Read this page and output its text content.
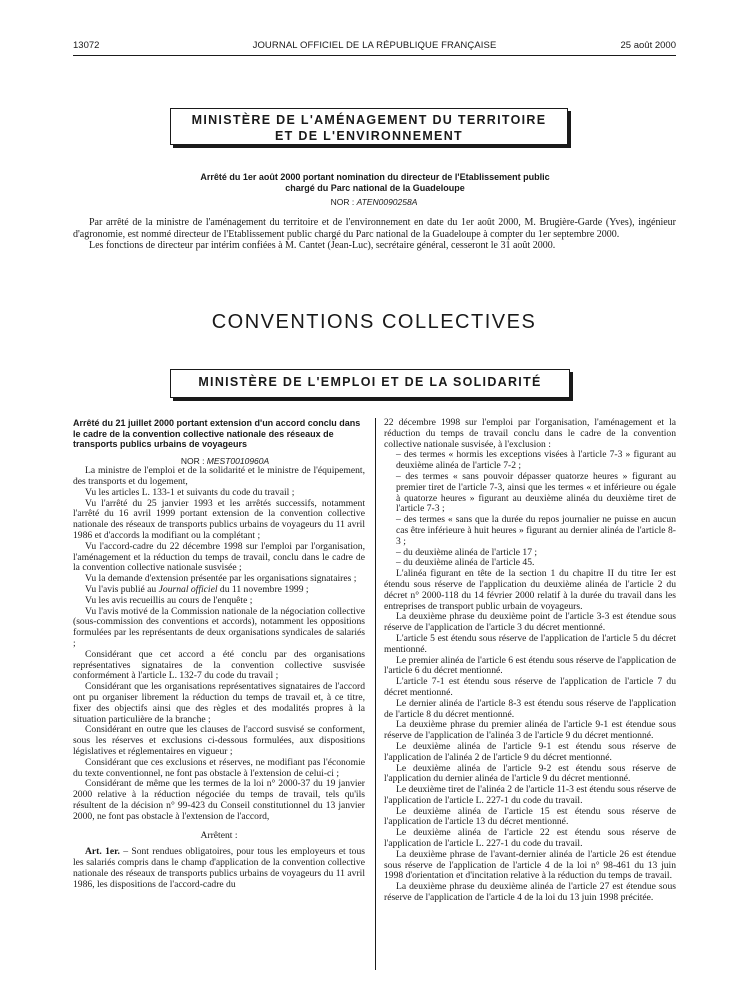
13072	JOURNAL OFFICIEL DE LA RÉPUBLIQUE FRANÇAISE	25 août 2000
MINISTÈRE DE L'AMÉNAGEMENT DU TERRITOIRE
ET DE L'ENVIRONNEMENT
Arrêté du 1er août 2000 portant nomination du directeur de l'Etablissement public
chargé du Parc national de la Guadeloupe
NOR : ATEN0090258A

Par arrêté de la ministre de l'aménagement du territoire et de l'environnement en date du 1er août 2000, M. Brugière-Garde (Yves), ingénieur d'agronomie, est nommé directeur de l'Etablissement public chargé du Parc national de la Guadeloupe à compter du 1er septembre 2000.

Les fonctions de directeur par intérim confiées à M. Cantet (Jean-Luc), secrétaire général, cesseront le 31 août 2000.

CONVENTIONS COLLECTIVES
MINISTÈRE DE L'EMPLOI ET DE LA SOLIDARITÉ

Arrêté du 21 juillet 2000 portant extension d'un accord conclu dans le cadre de la convention collective nationale des réseaux de transports publics urbains de voyageurs

NOR : MESТ0010960A

La ministre de l'emploi et de la solidarité et le ministre de l'équipement, des transports et du logement,

Vu les articles L. 133-1 et suivants du code du travail ;

Vu l'arrêté du 25 janvier 1993 et les arrêtés successifs, notamment l'arrêté du 16 avril 1999 portant extension de la convention collective nationale des réseaux de transports publics urbains de voyageurs du 11 avril 1986 et d'accords la modifiant ou la complétant ;

Vu l'accord-cadre du 22 décembre 1998 sur l'emploi par l'organisation, l'aménagement et la réduction du temps de travail, conclu dans le cadre de la convention collective nationale susvisée ;

Vu la demande d'extension présentée par les organisations signataires ;

Vu l'avis publié au Journal officiel du 11 novembre 1999 ;

Vu les avis recueillis au cours de l'enquête ;

Vu l'avis motivé de la Commission nationale de la négociation collective (sous-commission des conventions et accords), notamment les oppositions formulées par les représentants de deux organisations syndicales de salariés ;

Considérant que cet accord a été conclu par des organisations représentatives signataires de la convention collective susvisée conformément à l'article L. 132-7 du code du travail ;

Considérant que les organisations représentatives signataires de l'accord ont pu organiser librement la réduction du temps de travail et, à ce titre, fixer des objectifs ainsi que des règles et des modalités propres à la situation particulière de la branche ;

Considérant en outre que les clauses de l'accord susvisé se conforment, sous les réserves et exclusions ci-dessous formulées, aux dispositions législatives et réglementaires en vigueur ;

Considérant que ces exclusions et réserves, ne modifiant pas l'économie du texte conventionnel, ne font pas obstacle à l'extension de celui-ci ;

Considérant de même que les termes de la loi n° 2000-37 du 19 janvier 2000 relative à la réduction négociée du temps de travail, tels qu'ils résultent de la décision n° 99-423 du Conseil constitutionnel du 13 janvier 2000, ne font pas obstacle à l'extension de l'accord,

Arrêtent :

Art. 1er. – Sont rendues obligatoires, pour tous les employeurs et tous les salariés compris dans le champ d'application de la convention collective nationale des réseaux de transports publics urbains de voyageurs du 11 avril 1986, les dispositions de l'accord-cadre du

22 décembre 1998 sur l'emploi par l'organisation, l'aménagement et la réduction du temps de travail conclu dans le cadre de la convention collective nationale susvisée, à l'exclusion :

– des termes « hormis les exceptions visées à l'article 7-3 » figurant au deuxième alinéa de l'article 7-2 ;

– des termes « sans pouvoir dépasser quatorze heures » figurant au premier tiret de l'article 7-3, ainsi que les termes « et inférieure ou égale à quatorze heures » figurant au deuxième alinéa du deuxième tiret de l'article 7-3 ;

– des termes « sans que la durée du repos journalier ne puisse en aucun cas être inférieure à huit heures » figurant au dernier alinéa de l'article 8-3 ;

– du deuxième alinéa de l'article 17 ;

– du deuxième alinéa de l'article 45.

L'alinéa figurant en tête de la section 1 du chapitre II du titre Ier est étendu sous réserve de l'application du deuxième alinéa de l'article 2 du décret n° 2000-118 du 14 février 2000 relatif à la durée du travail dans les entreprises de transport public urbain de voyageurs.

La deuxième phrase du deuxième point de l'article 3-3 est étendue sous réserve de l'application de l'article 3 du décret mentionné.

L'article 5 est étendu sous réserve de l'application de l'article 5 du décret mentionné.

Le premier alinéa de l'article 6 est étendu sous réserve de l'application de l'article 6 du décret mentionné.

L'article 7-1 est étendu sous réserve de l'application de l'article 7 du décret mentionné.

Le dernier alinéa de l'article 8-3 est étendu sous réserve de l'application de l'article 8 du décret mentionné.

La deuxième phrase du premier alinéa de l'article 9-1 est étendue sous réserve de l'application de l'alinéa 3 de l'article 9 du décret mentionné.

Le deuxième alinéa de l'article 9-1 est étendu sous réserve de l'application de l'alinéa 2 de l'article 9 du décret mentionné.

Le deuxième alinéa de l'article 9-2 est étendu sous réserve de l'application du dernier alinéa de l'article 9 du décret mentionné.

Le deuxième tiret de l'alinéa 2 de l'article 11-3 est étendu sous réserve de l'application de l'article L. 227-1 du code du travail.

Le deuxième alinéa de l'article 15 est étendu sous réserve de l'application de l'article 13 du décret mentionné.

Le deuxième alinéa de l'article 22 est étendu sous réserve de l'application de l'article L. 227-1 du code du travail.

La deuxième phrase de l'avant-dernier alinéa de l'article 26 est étendue sous réserve de l'application de l'article 4 de la loi n° 98-461 du 13 juin 1998 d'orientation et d'incitation relative à la réduction du temps de travail.

La deuxième phrase du deuxième alinéa de l'article 27 est étendue sous réserve de l'application de l'article 4 de la loi du 13 juin 1998 précitée.
